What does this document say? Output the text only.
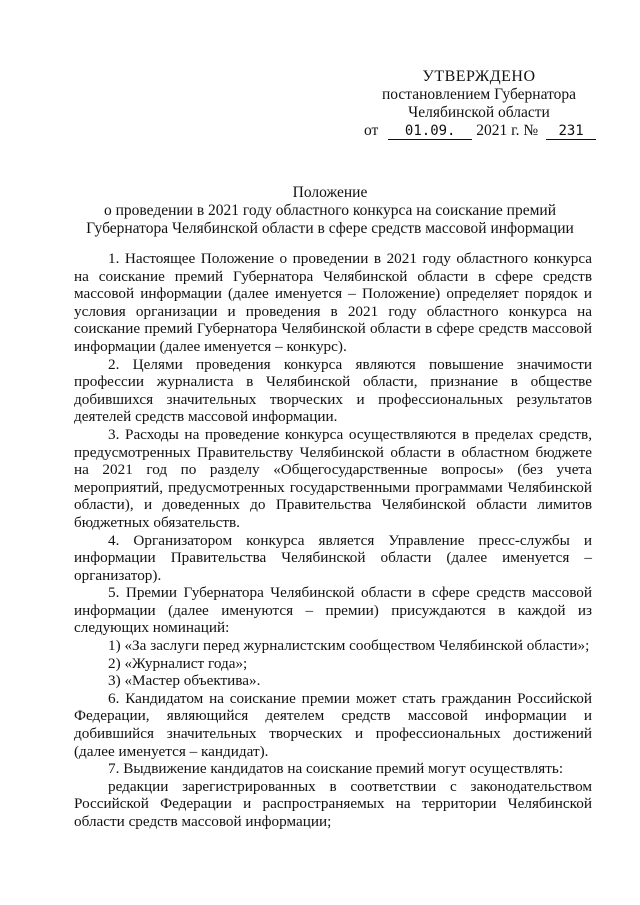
УТВЕРЖДЕНО
постановлением Губернатора
Челябинской области
от 01.09. 2021 г. № 231
Положение
о проведении в 2021 году областного конкурса на соискание премий
Губернатора Челябинской области в сфере средств массовой информации

1. Настоящее Положение о проведении в 2021 году областного конкурса на соискание премий Губернатора Челябинской области в сфере средств массовой информации (далее именуется – Положение) определяет порядок и условия организации и проведения в 2021 году областного конкурса на соискание премий Губернатора Челябинской области в сфере средств массовой информации (далее именуется – конкурс).

2. Целями проведения конкурса являются повышение значимости профессии журналиста в Челябинской области, признание в обществе добившихся значительных творческих и профессиональных результатов деятелей средств массовой информации.

3. Расходы на проведение конкурса осуществляются в пределах средств, предусмотренных Правительству Челябинской области в областном бюджете на 2021 год по разделу «Общегосударственные вопросы» (без учета мероприятий, предусмотренных государственными программами Челябинской области), и доведенных до Правительства Челябинской области лимитов бюджетных обязательств.

4. Организатором конкурса является Управление пресс-службы и информации Правительства Челябинской области (далее именуется – организатор).

5. Премии Губернатора Челябинской области в сфере средств массовой информации (далее именуются – премии) присуждаются в каждой из следующих номинаций:

1) «За заслуги перед журналистским сообществом Челябинской области»;

2) «Журналист года»;

3) «Мастер объектива».

6. Кандидатом на соискание премии может стать гражданин Российской Федерации, являющийся деятелем средств массовой информации и добившийся значительных творческих и профессиональных достижений (далее именуется – кандидат).

7. Выдвижение кандидатов на соискание премий могут осуществлять:

редакции зарегистрированных в соответствии с законодательством Российской Федерации и распространяемых на территории Челябинской области средств массовой информации;
